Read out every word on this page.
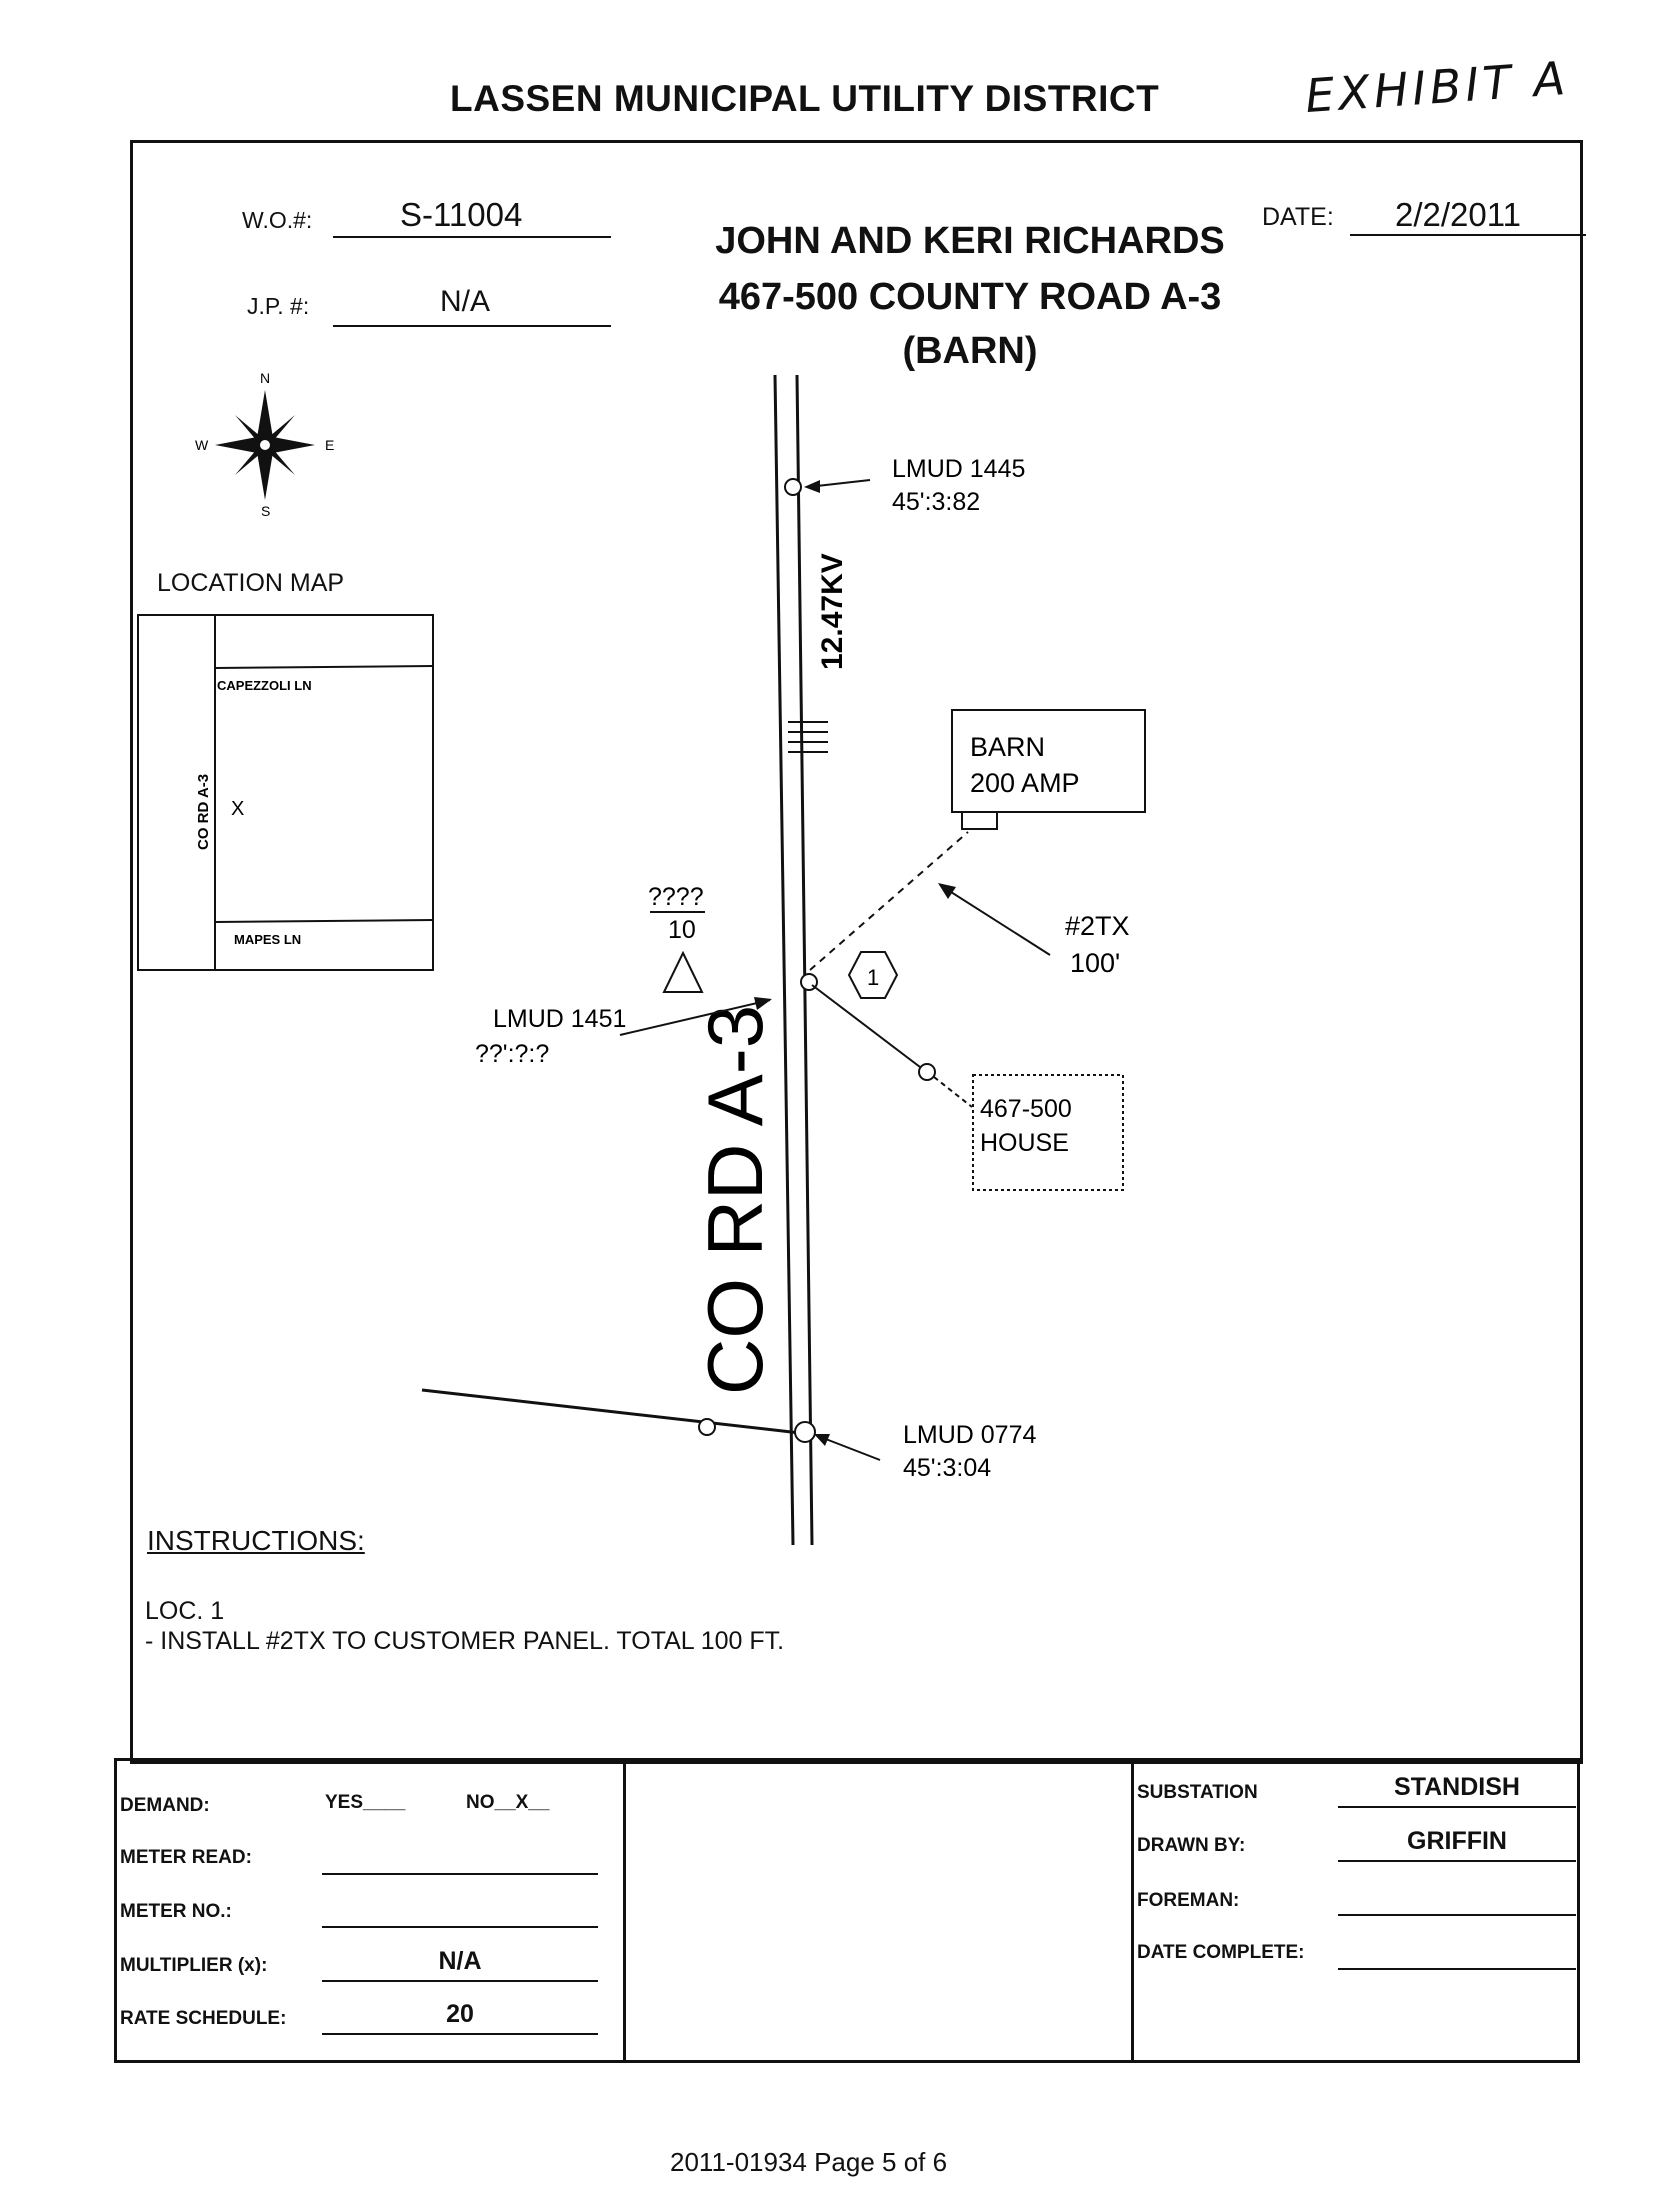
LASSEN MUNICIPAL UTILITY DISTRICT	EXHIBIT A
W.O.#:	S-11004
J.P. #:	N/A
DATE: 2/2/2011
JOHN AND KERI RICHARDS
467-500 COUNTY ROAD A-3
(BARN)
N
S
W	E
LOCATION MAP
CAPEZZOLI LN
MAPES LN
CO RD A-3 X
12.47KV
CO RD A-3
LMUD 1445
45':3:82
BARN
200 AMP
#2TX
100'
????
10
1
LMUD 1451
??':?:?
467-500
HOUSE
LMUD 0774
45':3:04
INSTRUCTIONS:
LOC. 1
- INSTALL #2TX TO CUSTOMER PANEL. TOTAL 100 FT.
DEMAND:	YES____	NO__X__
METER READ:
METER NO.:
MULTIPLIER (x):	N/A
RATE SCHEDULE:	20
SUBSTATION	STANDISH
DRAWN BY:	GRIFFIN
FOREMAN:
DATE COMPLETE:
2011-01934 Page 5 of 6
